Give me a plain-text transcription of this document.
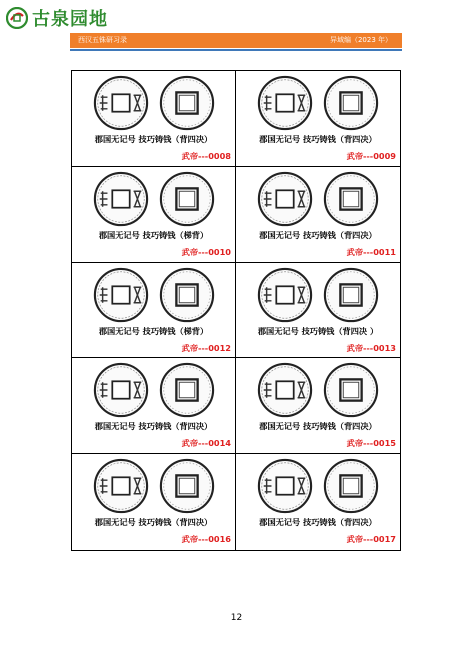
古泉园地
西汉五铢研习录	异域编（2023 年）
郡国无记号 技巧铸钱（背四决）
武帝---0008
郡国无记号 技巧铸钱（背四决）
武帝---0009
郡国无记号 技巧铸钱（梯背）
武帝---0010
郡国无记号 技巧铸钱（背四决）
武帝---0011
郡国无记号 技巧铸钱（梯背）
武帝---0012
郡国无记号 技巧铸钱（背四决 ）
武帝---0013
郡国无记号 技巧铸钱（背四决）
武帝---0014
郡国无记号 技巧铸钱（背四决）
武帝---0015
郡国无记号 技巧铸钱（背四决）
武帝---0016
郡国无记号 技巧铸钱（背四决）
武帝---0017
12
